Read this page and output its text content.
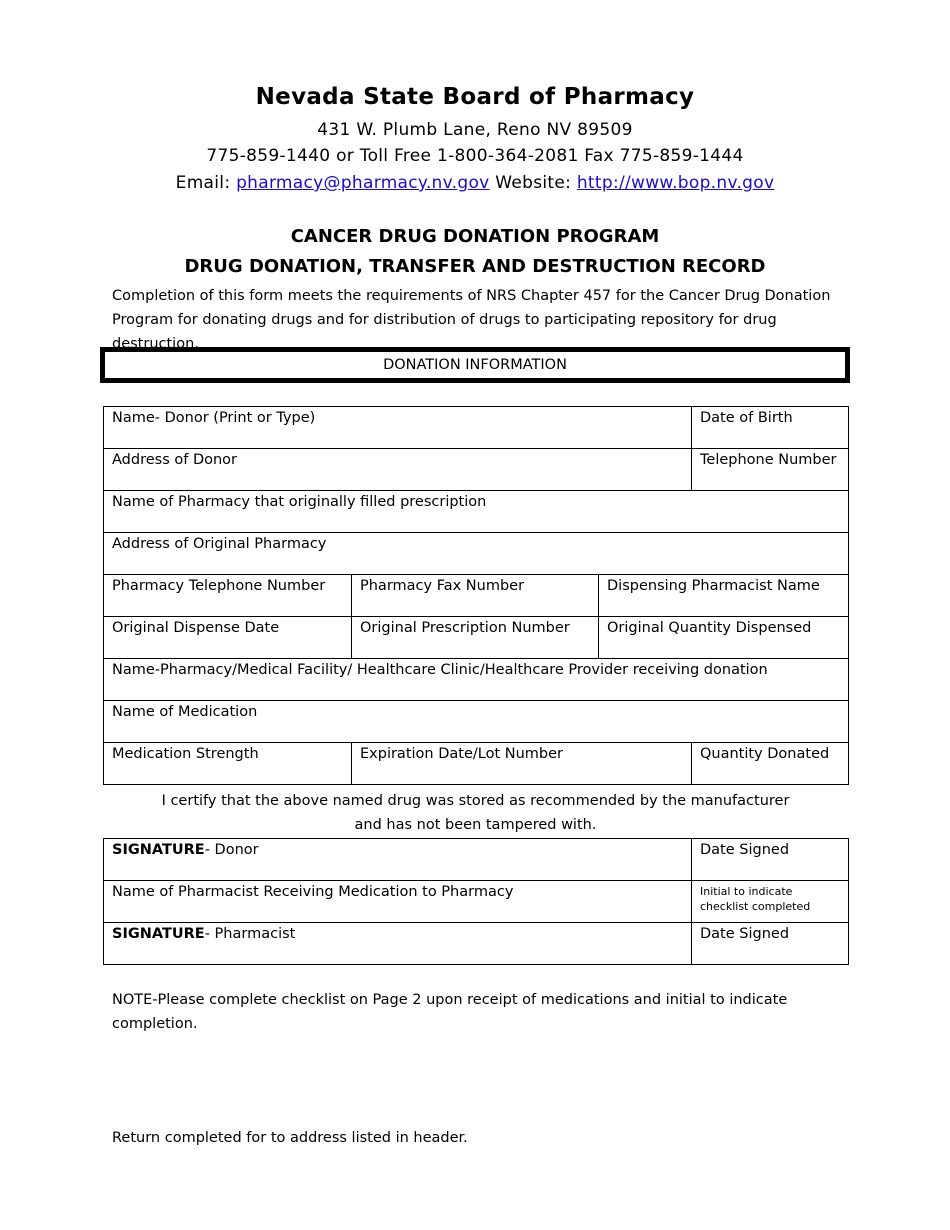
Nevada State Board of Pharmacy
431 W. Plumb Lane, Reno NV 89509
775-859-1440 or Toll Free 1-800-364-2081 Fax 775-859-1444
Email: pharmacy@pharmacy.nv.gov Website: http://www.bop.nv.gov
CANCER DRUG DONATION PROGRAM
DRUG DONATION, TRANSFER AND DESTRUCTION RECORD
Completion of this form meets the requirements of NRS Chapter 457 for the Cancer Drug Donation Program for donating drugs and for distribution of drugs to participating repository for drug destruction.
DONATION INFORMATION
Name- Donor (Print or Type)			Date of Birth
Address of Donor			Telephone Number
Name of Pharmacy that originally filled prescription			
Address of Original Pharmacy			
Pharmacy Telephone Number	Pharmacy Fax Number	Dispensing Pharmacist Name	
Original Dispense Date	Original Prescription Number	Original Quantity Dispensed	
Name-Pharmacy/Medical Facility/ Healthcare Clinic/Healthcare Provider receiving donation			
Name of Medication			
Medication Strength	Expiration Date/Lot Number		Quantity Donated
I certify that the above named drug was stored as recommended by the manufacturer
and has not been tampered with.
SIGNATURE- Donor	Date Signed
Name of Pharmacist Receiving Medication to Pharmacy	Initial to indicate checklist completed
SIGNATURE- Pharmacist	Date Signed
NOTE-Please complete checklist on Page 2 upon receipt of medications and initial to indicate completion.
Return completed for to address listed in header.
